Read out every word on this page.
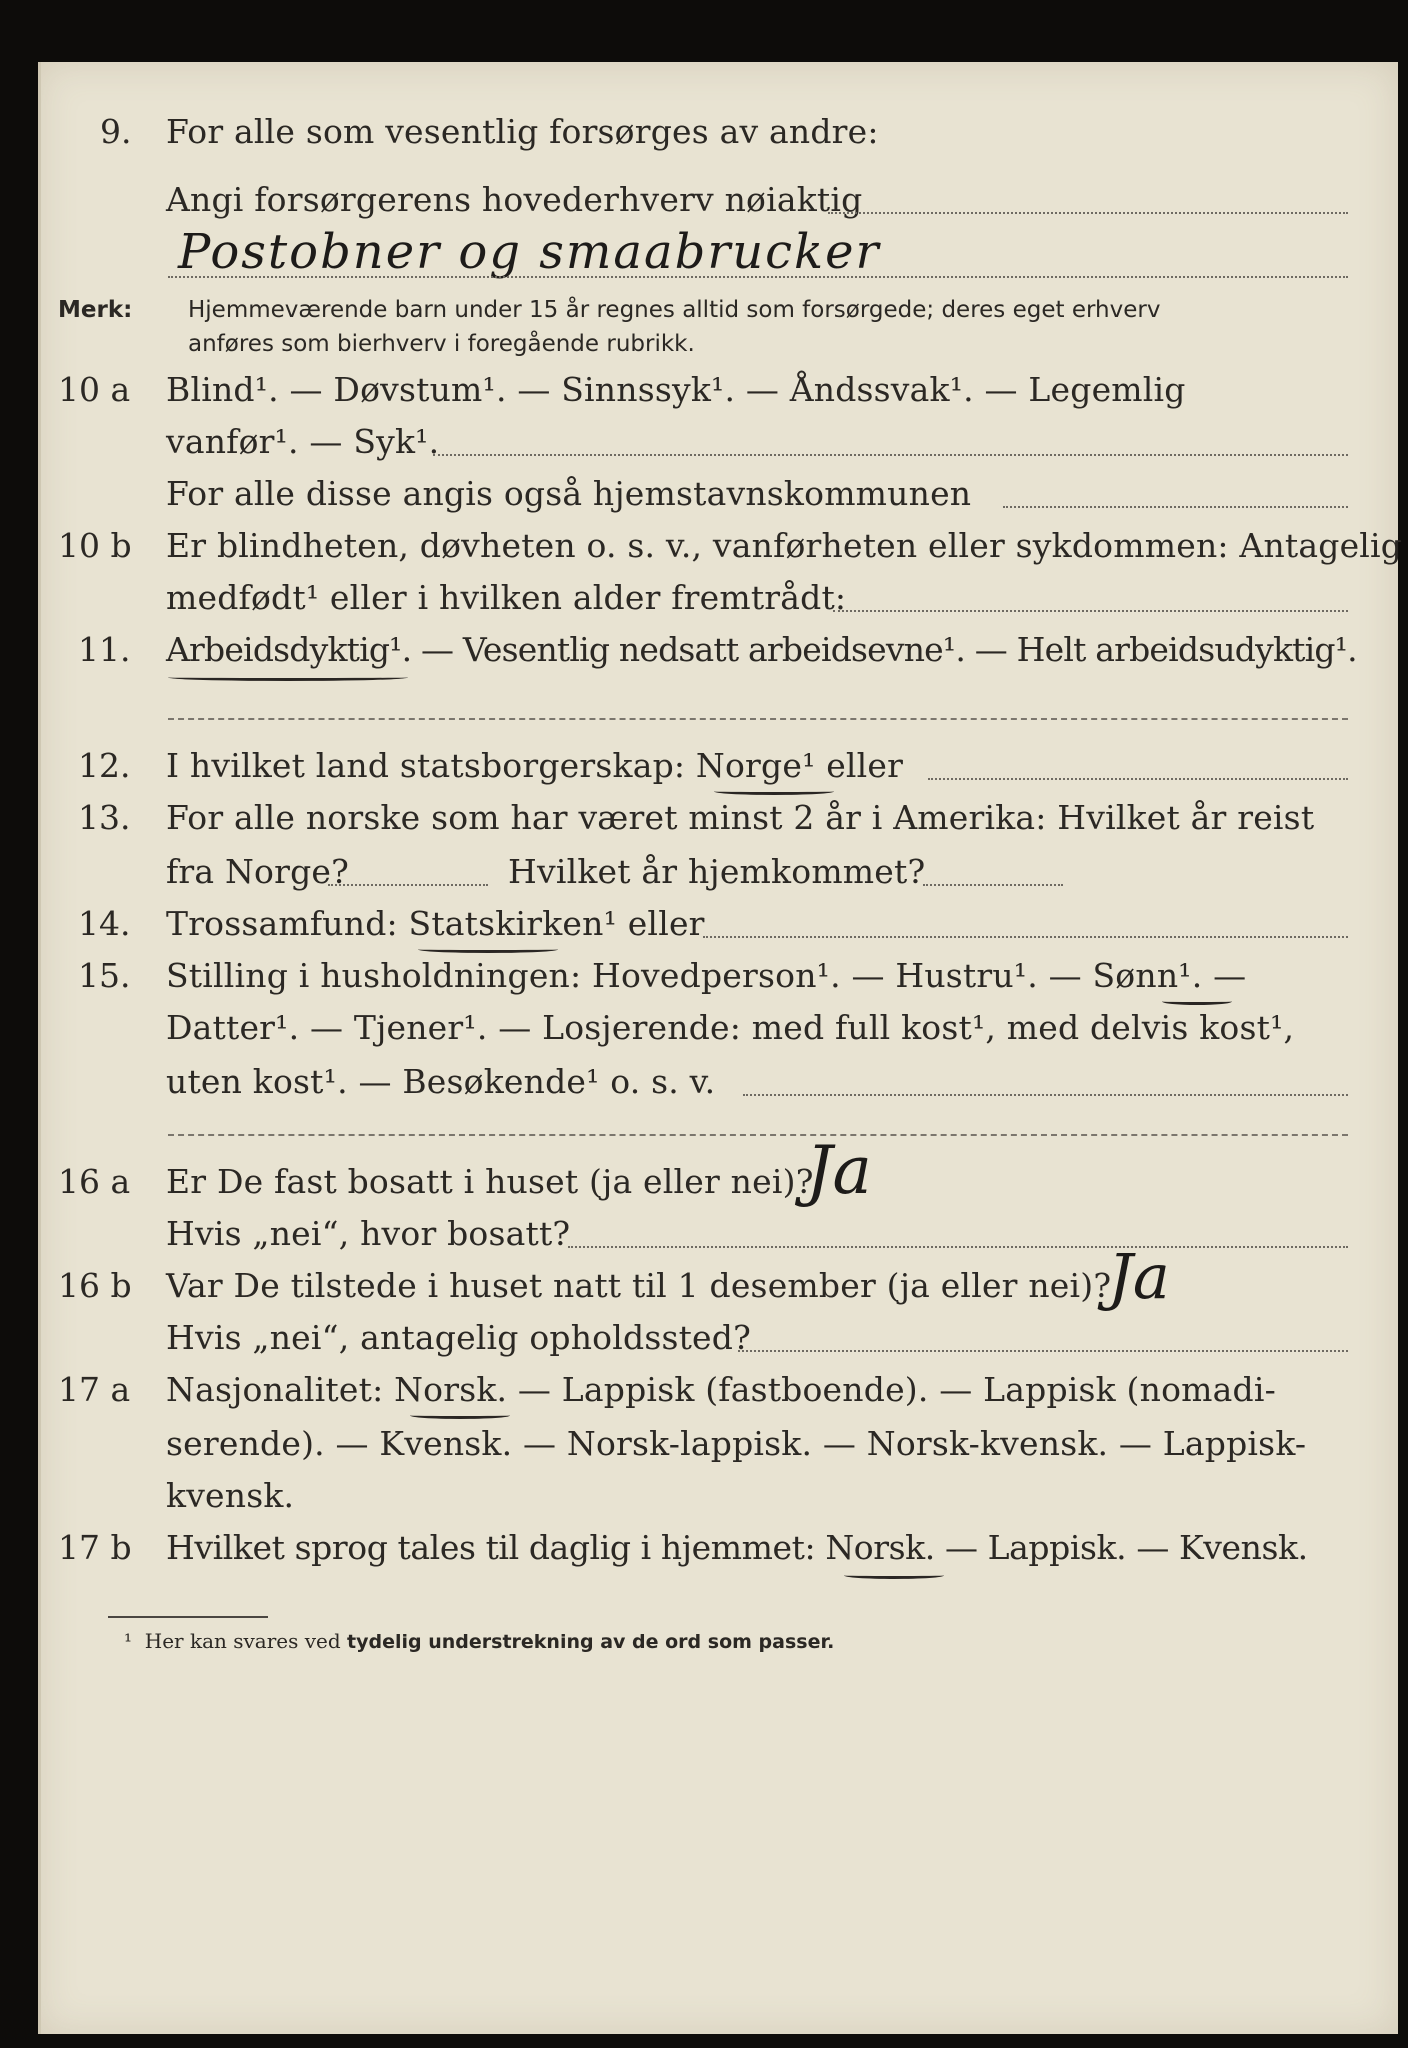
9. For alle som vesentlig forsørges av andre:
Angi forsørgerens hovederhverv nøiaktig
Postobner og smaabrucker
Merk: Hjemmeværende barn under 15 år regnes alltid som forsørgede; deres eget erhverv
anføres som bierhverv i foregående rubrikk.
10 a Blind¹. — Døvstum¹. — Sinnssyk¹. — Åndssvak¹. — Legemlig
vanfør¹. — Syk¹.
For alle disse angis også hjemstavnskommunen
10 b Er blindheten, døvheten o. s. v., vanførheten eller sykdommen: Antagelig
medfødt¹ eller i hvilken alder fremtrådt:
11. Arbeidsdyktig¹. — Vesentlig nedsatt arbeidsevne¹. — Helt arbeidsudyktig¹.
12. I hvilket land statsborgerskap: Norge¹ eller
13. For alle norske som har været minst 2 år i Amerika: Hvilket år reist
fra Norge?	Hvilket år hjemkommet?
14. Trossamfund: Statskirken¹ eller
15. Stilling i husholdningen: Hovedperson¹. — Hustru¹. — Sønn¹. —
Datter¹. — Tjener¹. — Losjerende: med full kost¹, med delvis kost¹,
uten kost¹. — Besøkende¹ o. s. v.
16 a Er De fast bosatt i huset (ja eller nei)?
Ja
Hvis „nei“, hvor bosatt?
16 b Var De tilstede i huset natt til 1 desember (ja eller nei)?
Ja
Hvis „nei“, antagelig opholdssted?
17 a Nasjonalitet: Norsk. — Lappisk (fastboende). — Lappisk (nomadi-
serende). — Kvensk. — Norsk-lappisk. — Norsk-kvensk. — Lappisk-
kvensk.
17 b Hvilket sprog tales til daglig i hjemmet: Norsk. — Lappisk. — Kvensk.
¹ Her kan svares ved tydelig understrekning av de ord som passer.
